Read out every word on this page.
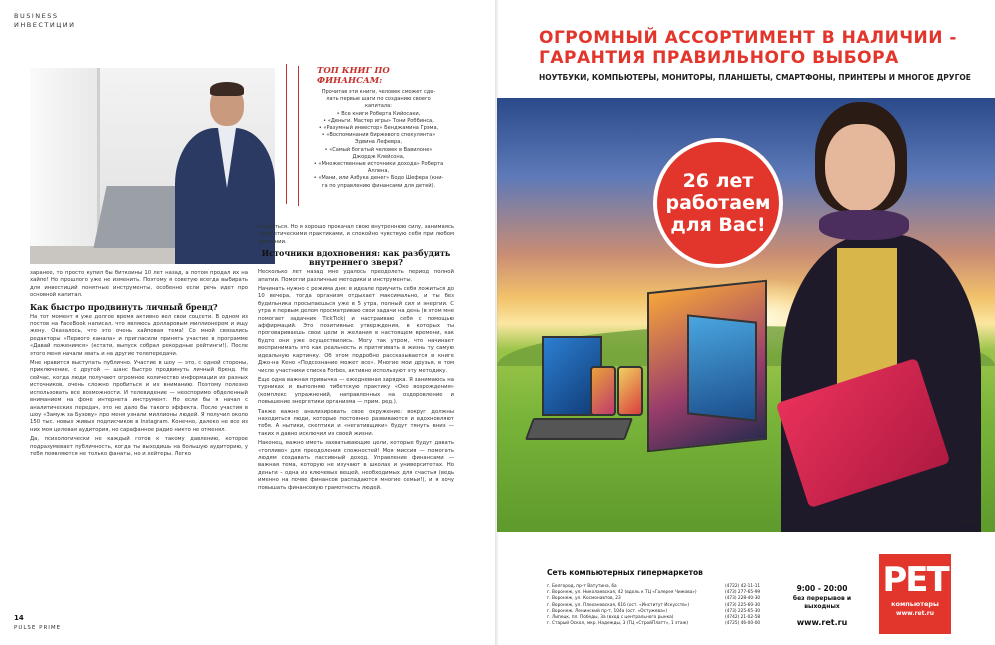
BUSINESS
ИНВЕСТИЦИИ
ТОП КНИГ ПО ФИНАНСАМ:
Прочитав эти книги, человек сможет сде-
лать первые шаги по созданию своего
капитала:
• Все книги Роберта Кийосаки,
• «Деньги. Мастер игры» Тони Роббинса,
• «Разумный инвестор» Бенджамина Грэма,
• «Воспоминания биржевого спекулянта»
Эдвина Лефевра,
• «Самый богатый человек в Вавилоне»
Джордж Клейсона,
• «Множественные источники дохода» Роберта
Аллена,
• «Мани, или Азбука денег» Бодо Шеферa (кни-
га по управлению финансами для детей).

заранее, то просто купил бы биткоины 10 лет назад, а потом продал их на хайпе! Но прошлого уже не изменить. Поэтому я советую всегда выбирать для инвестиций понятные инструменты, особенно если речь идет про основной капитал.

Как быстро продвинуть личный бренд?

На тот момент я уже долгое время активно вел свои соцсети. В одном из постов на FaceBook написал, что являюсь долларовым миллионером и ищу жену. Оказалось, что это очень хайповая тема! Со мной связались редакторы «Первого канала» и пригласили принять участие в программе «Давай поженимся» (кстати, выпуск собрал рекордные рейтинги!). После этого меня начали звать и на другие телепередачи.

Мне нравится выступать публично. Участие в шоу — это, с одной стороны, приключение, с другой — шанс быстро продвинуть личный бренд. Не сейчас, когда люди получают огромное количество информации из разных источников, очень сложно пробиться и их вниманию. Поэтому полезно использовать все возможности. И телевидение — неоспоримо обделенный вниманием на фоне интернета инструмент. Но если бы я начал с аналитических передач, это не дало бы такого эффекта. После участия в шоу «Замуж за Бузову» про меня узнали миллионы людей. Я получил около 150 тыс. новых живых подписчиков в Instagram. Конечно, далеко не все из них моя целевая аудитория, но сарафанное радио никто не отменял.

Да, психологически не каждый готов к такому давлению, которое подразумевает публичность, когда ты выходишь на большую аудиторию, у тебя появляются не только фанаты, но и хейтеры. Легко

сломаться. Но я хорошо прокачал свою внутреннюю силу, занимаясь энергетическими практиками, и спокойно чувствую себя при любом давлении.

Источники вдохновения: как разбудить внутреннего зверя?

Несколько лет назад мне удалось преодолеть период полной апатии. Помогли различные методики и инструменты.

Начинать нужно с режима дня: в идеале приучить себя ложиться до 10 вечера, тогда организм отдыхает максимально, и ты без будильника просыпаешься уже в 5 утра, полный сил и энергии. С утра я первым делом просматриваю свои задачи на день (в этом мне помогает задачник TickTick) и настраиваю себя с помощью аффирмаций. Это позитивные утверждения, в которых ты проговариваешь свои цели и желания в настоящем времени, как будто они уже осуществились. Могу так утром, что начинает воспринимать это как реальность и притягивать в жизнь ту самую идеальную картинку. Об этом подробно рассказывается в книге Джо-на Кено «Подсознание может все». Многие мои друзья, в том числе участники списка Forbes, активно используют эту методику.

Еще одна важная привычка — ежедневная зарядка. Я занимаюсь на турниках и выполняю тибетскую практику «Око возрождения» (комплекс упражнений, направленных на оздоровление и повышение энергетики организма — прим. ред.).

Также важно анализировать свое окружение: вокруг должны находиться люди, которые постоянно развиваются и вдохновляют тебя. А нытики, скептики и «негативщики» будут тянуть вниз — таких я давно исключил из своей жизни.

Наконец, важно иметь захватывающие цели, которые будут давать «топливо» для преодоления сложностей! Моя миссия — помогать людям создавать пассивный доход. Управление финансами — важная тема, которую не изучают в школах и университетах. Но деньги – одна из ключевых вещей, необходимых для счастья (ведь именно на почве финансов распадаются многие семьи!), и я хочу повышать финансовую грамотность людей.

14
PULSE PRIME
ОГРОМНЫЙ АССОРТИМЕНТ В НАЛИЧИИ - ГАРАНТИЯ ПРАВИЛЬНОГО ВЫБОРА
НОУТБУКИ, КОМПЬЮТЕРЫ, МОНИТОРЫ, ПЛАНШЕТЫ, СМАРТФОНЫ, ПРИНТЕРЫ И МНОГОЕ ДРУГОЕ
26 лет
работаем
для Вас!
Реклама
Сеть компьютерных гипермаркетов
г. Белгород, пр-т Ватутина, 6а
г. Воронеж, ул. Николаевская, 42 (вдоль к ТЦ «Галерея Чижова»)
г. Воронеж, ул. Космонавтов, 23
г. Воронеж, ул. Плехановская, 61б (ост. «Институт Искусств»)
г. Воронеж, Ленинский пр-т, 104а (ост. «Остужева»)
г. Липецк, пл. Победы, 3а (вход с центрального рынка)
г. Старый Оскол, мкр. Надежды, 3 (ТЦ «СтройПлатт», 1 этаж)
(4722) 42-11-11
(473) 277-65-99
(473) 228-40-30
(473) 225-60-30
(473) 225-65-30
(4742) 21-02-58
(4725) 46-00-00
9:00 - 20:00
без перерывов и выходных
www.ret.ru
PET
компьютеры
www.ret.ru
